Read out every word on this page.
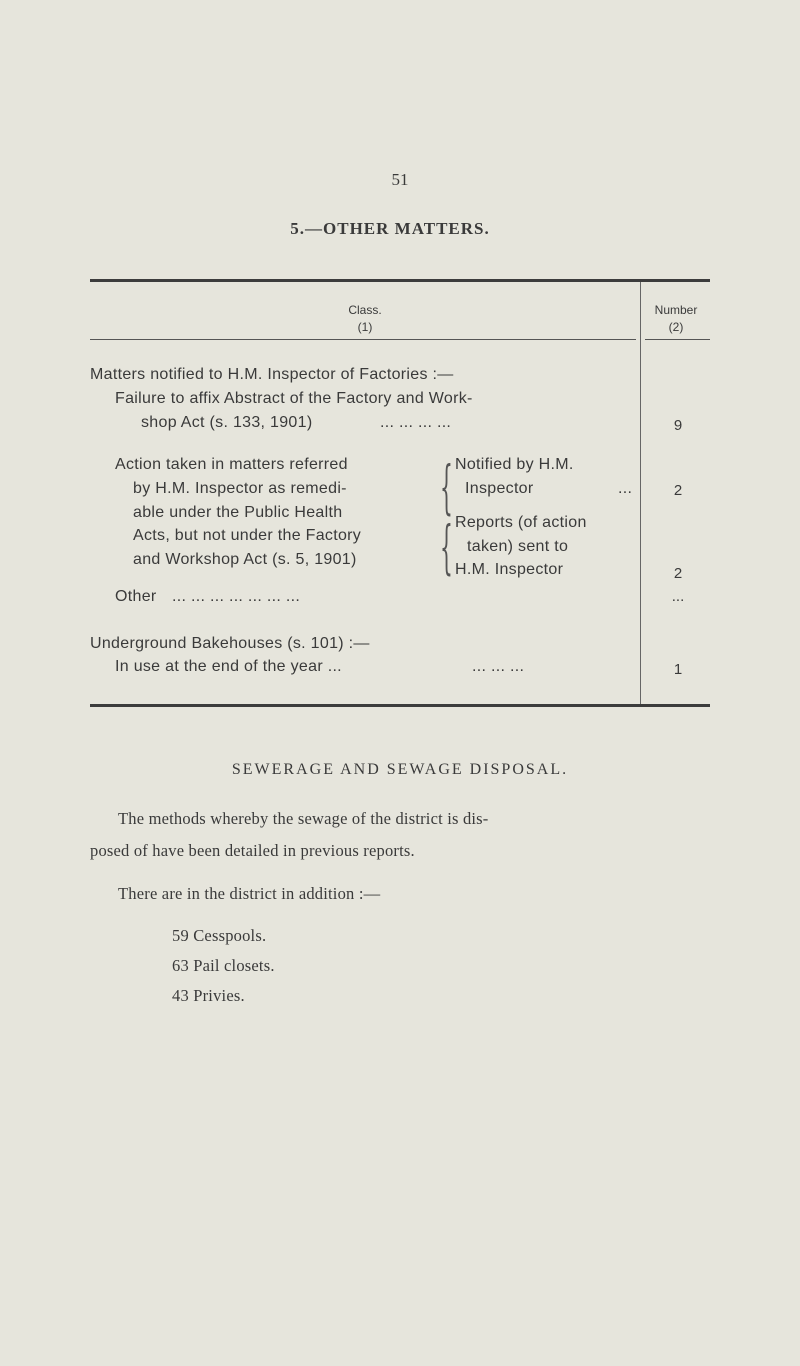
51
5.—OTHER MATTERS.
Class.
(1)
Number
(2)
Matters notified to H.M. Inspector of Factories :—
Failure to affix Abstract of the Factory and Work-
shop Act (s. 133, 1901)	... ... ... ...	9
Action taken in matters referred
by H.M. Inspector as remedi-
able under the Public Health
Acts, but not under the Factory
and Workshop Act (s. 5, 1901)
{
{
Notified by H.M.
Inspector	...	2
Reports (of action
taken) sent to
H.M. Inspector	2
Other ... ... ... ... ... ... ...	...
Underground Bakehouses (s. 101) :—
In use at the end of the year ...	... ... ...	1
SEWERAGE AND SEWAGE DISPOSAL.
The methods whereby the sewage of the district is dis-
posed of have been detailed in previous reports.
There are in the district in addition :—
59 Cesspools.
63 Pail closets.
43 Privies.
